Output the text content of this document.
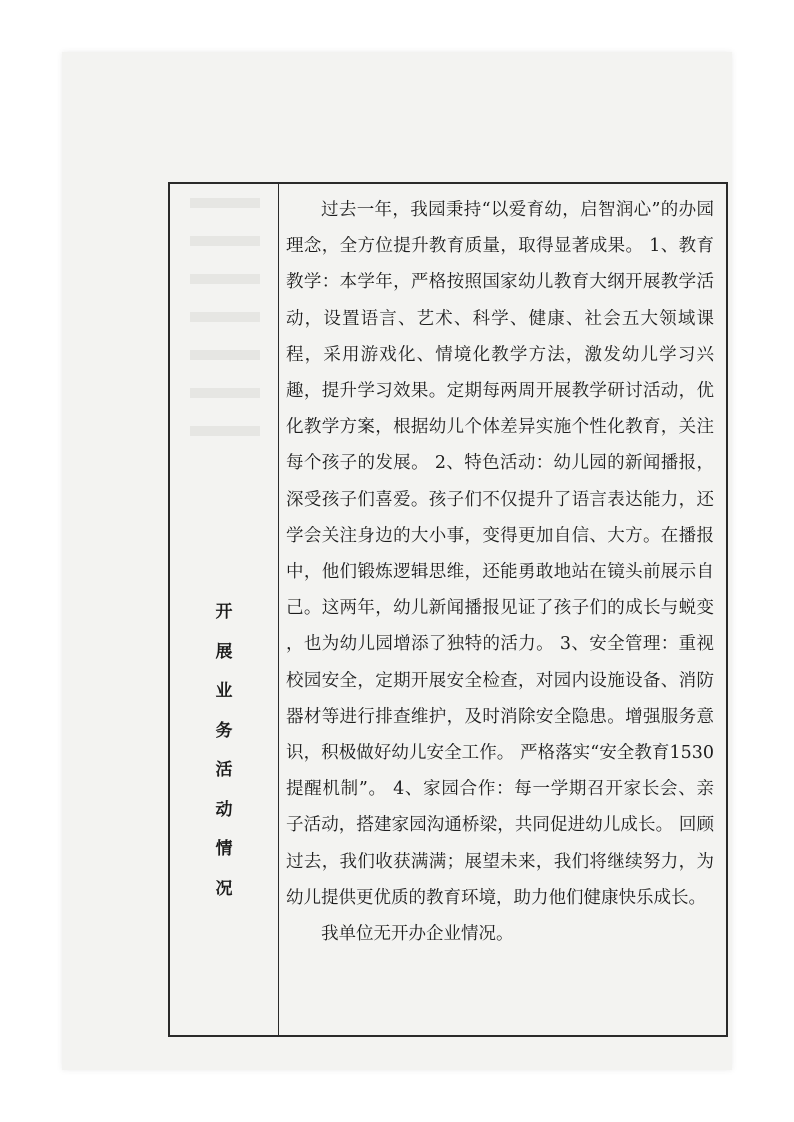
开
展
业
务
活
动
情
况

过去一年，我园秉持“以爱育幼，启智润心”的办园理念，全方位提升教育质量，取得显著成果。 1、教育教学：本学年，严格按照国家幼儿教育大纲开展教学活动，设置语言、艺术、科学、健康、社会五大领域课程，采用游戏化、情境化教学方法，激发幼儿学习兴趣，提升学习效果。定期每两周开展教学研讨活动，优化教学方案，根据幼儿个体差异实施个性化教育，关注每个孩子的发展。 2、特色活动：幼儿园的新闻播报，深受孩子们喜爱。孩子们不仅提升了语言表达能力，还学会关注身边的大小事，变得更加自信、大方。在播报中，他们锻炼逻辑思维，还能勇敢地站在镜头前展示自己。这两年，幼儿新闻播报见证了孩子们的成长与蜕变 ，也为幼儿园增添了独特的活力。 3、安全管理：重视校园安全，定期开展安全检查，对园内设施设备、消防器材等进行排查维护，及时消除安全隐患。增强服务意识，积极做好幼儿安全工作。 严格落实“安全教育1530提醒机制”。 4、家园合作：每一学期召开家长会、亲子活动，搭建家园沟通桥梁，共同促进幼儿成长。 回顾过去，我们收获满满；展望未来，我们将继续努力，为幼儿提供更优质的教育环境，助力他们健康快乐成长。

我单位无开办企业情况。
